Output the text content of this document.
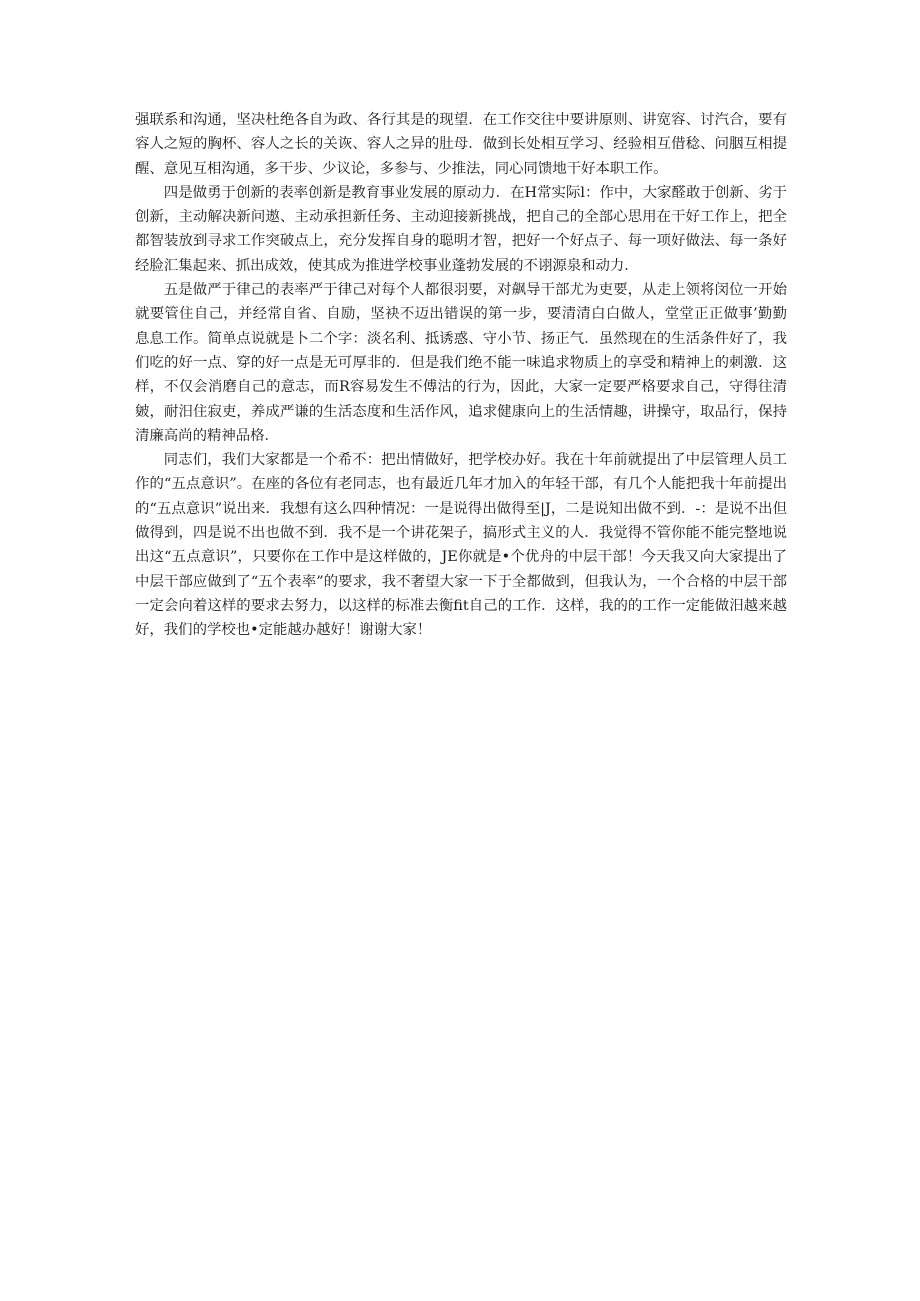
强联系和沟通，坚决杜绝各自为政、各行其是的现望．在工作交往中要讲原则、讲宽容、讨汽合，要有容人之短的胸杯、容人之长的关诙、容人之异的肚母．做到长处相互学习、经验相互借稔、问胭互相提醒、意见互相沟通，多干步、少议论，多参与、少推法，同心同馈地干好本职工作。

四是做勇于创新的表率创新是教育事业发展的原动力．在H常实际l：作中，大家醛敢于创新、劣于创新，主动解决新问遨、主动承担新任务、主动迎接新挑战，把自己的全部心思用在干好工作上，把全都智装放到寻求工作突破点上，充分发挥自身的聪明才智，把好一个好点子、每一项好做法、每一条好经脸汇集起来、抓出成效，使其成为推进学校事业蓬勃发展的不诩源泉和动力．

五是做严于律己的表率严于律己对每个人都很羽要，对飙导干部尤为吏要，从走上领将闵位一开始就要管住自己，并经常自省、自励，坚袂不迈出错误的第一步，要清清白白做人，堂堂正正做事’勤勤息息工作。简单点说就是卜二个字：淡名利、抵诱惑、守小节、扬正气．虽然现在的生活条件好了，我们吃的好一点、穿的好一点是无可厚非的．但是我们绝不能一味追求物质上的享受和精神上的刺激．这样，不仅会消磨自己的意志，而R容易发生不傅沽的行为，因此，大家一定要严格要求自己，守得往清皴，耐汨住寂吏，养成严谦的生活态度和生活作风，追求健康向上的生活情趣，讲操守，取品行，保持清廉高尚的精神品格．

同志们，我们大家都是一个希不：把出情做好，把学校办好。我在十年前就提出了中层管理人员工作的“五点意识”。在座的各位有老同志，也有最近几年才加入的年轻干部，有几个人能把我十年前提出的“五点意识”说出来．我想有这么四种情况：一是说得出做得至|J，二是说知出做不到．-：是说不出但做得到，四是说不出也做不到．我不是一个讲花架子，搞形式主义的人．我觉得不管你能不能完整地说出这“五点意识”，只要你在工作中是这样做的，JE你就是•个优舟的中层干部！今天我又向大家提出了中层干部应做到了“五个表率”的要求，我不奢望大家一下于全都做到，但我认为，一个合格的中层干部一定会向着这样的要求去努力，以这样的标准去衡fit自己的工作．这样，我的的工作一定能做汨越来越好，我们的学校也•定能越办越好！谢谢大家！
